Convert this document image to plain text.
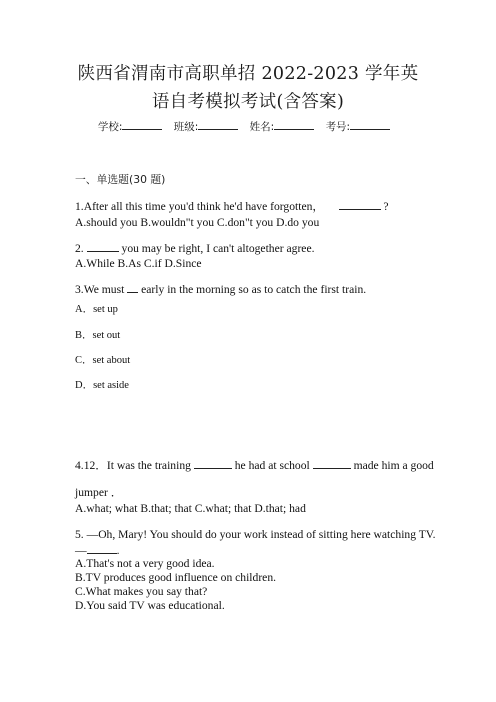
陕西省渭南市高职单招 2022-2023 学年英
语自考模拟考试(含答案)
学校:	班级:	姓名:	考号:
一、单选题(30 题)
1.After all this time you'd think he'd have forgotten，	?
A.should you B.wouldn"t you C.don"t you D.do you
2.	you may be right, I can't altogether agree.
A.While B.As C.if D.Since
3.We must early in the morning so as to catch the first train.
A．set up
B．set out
C．set about
D．set aside
4.12．It was the training	he had at school	made him a good
jumper ．
A.what; what B.that; that C.what; that D.that; had
5. —Oh, Mary! You should do your work instead of sitting here watching TV.
—	.
A.That's not a very good idea.
B.TV produces good influence on children.
C.What makes you say that?
D.You said TV was educational.
